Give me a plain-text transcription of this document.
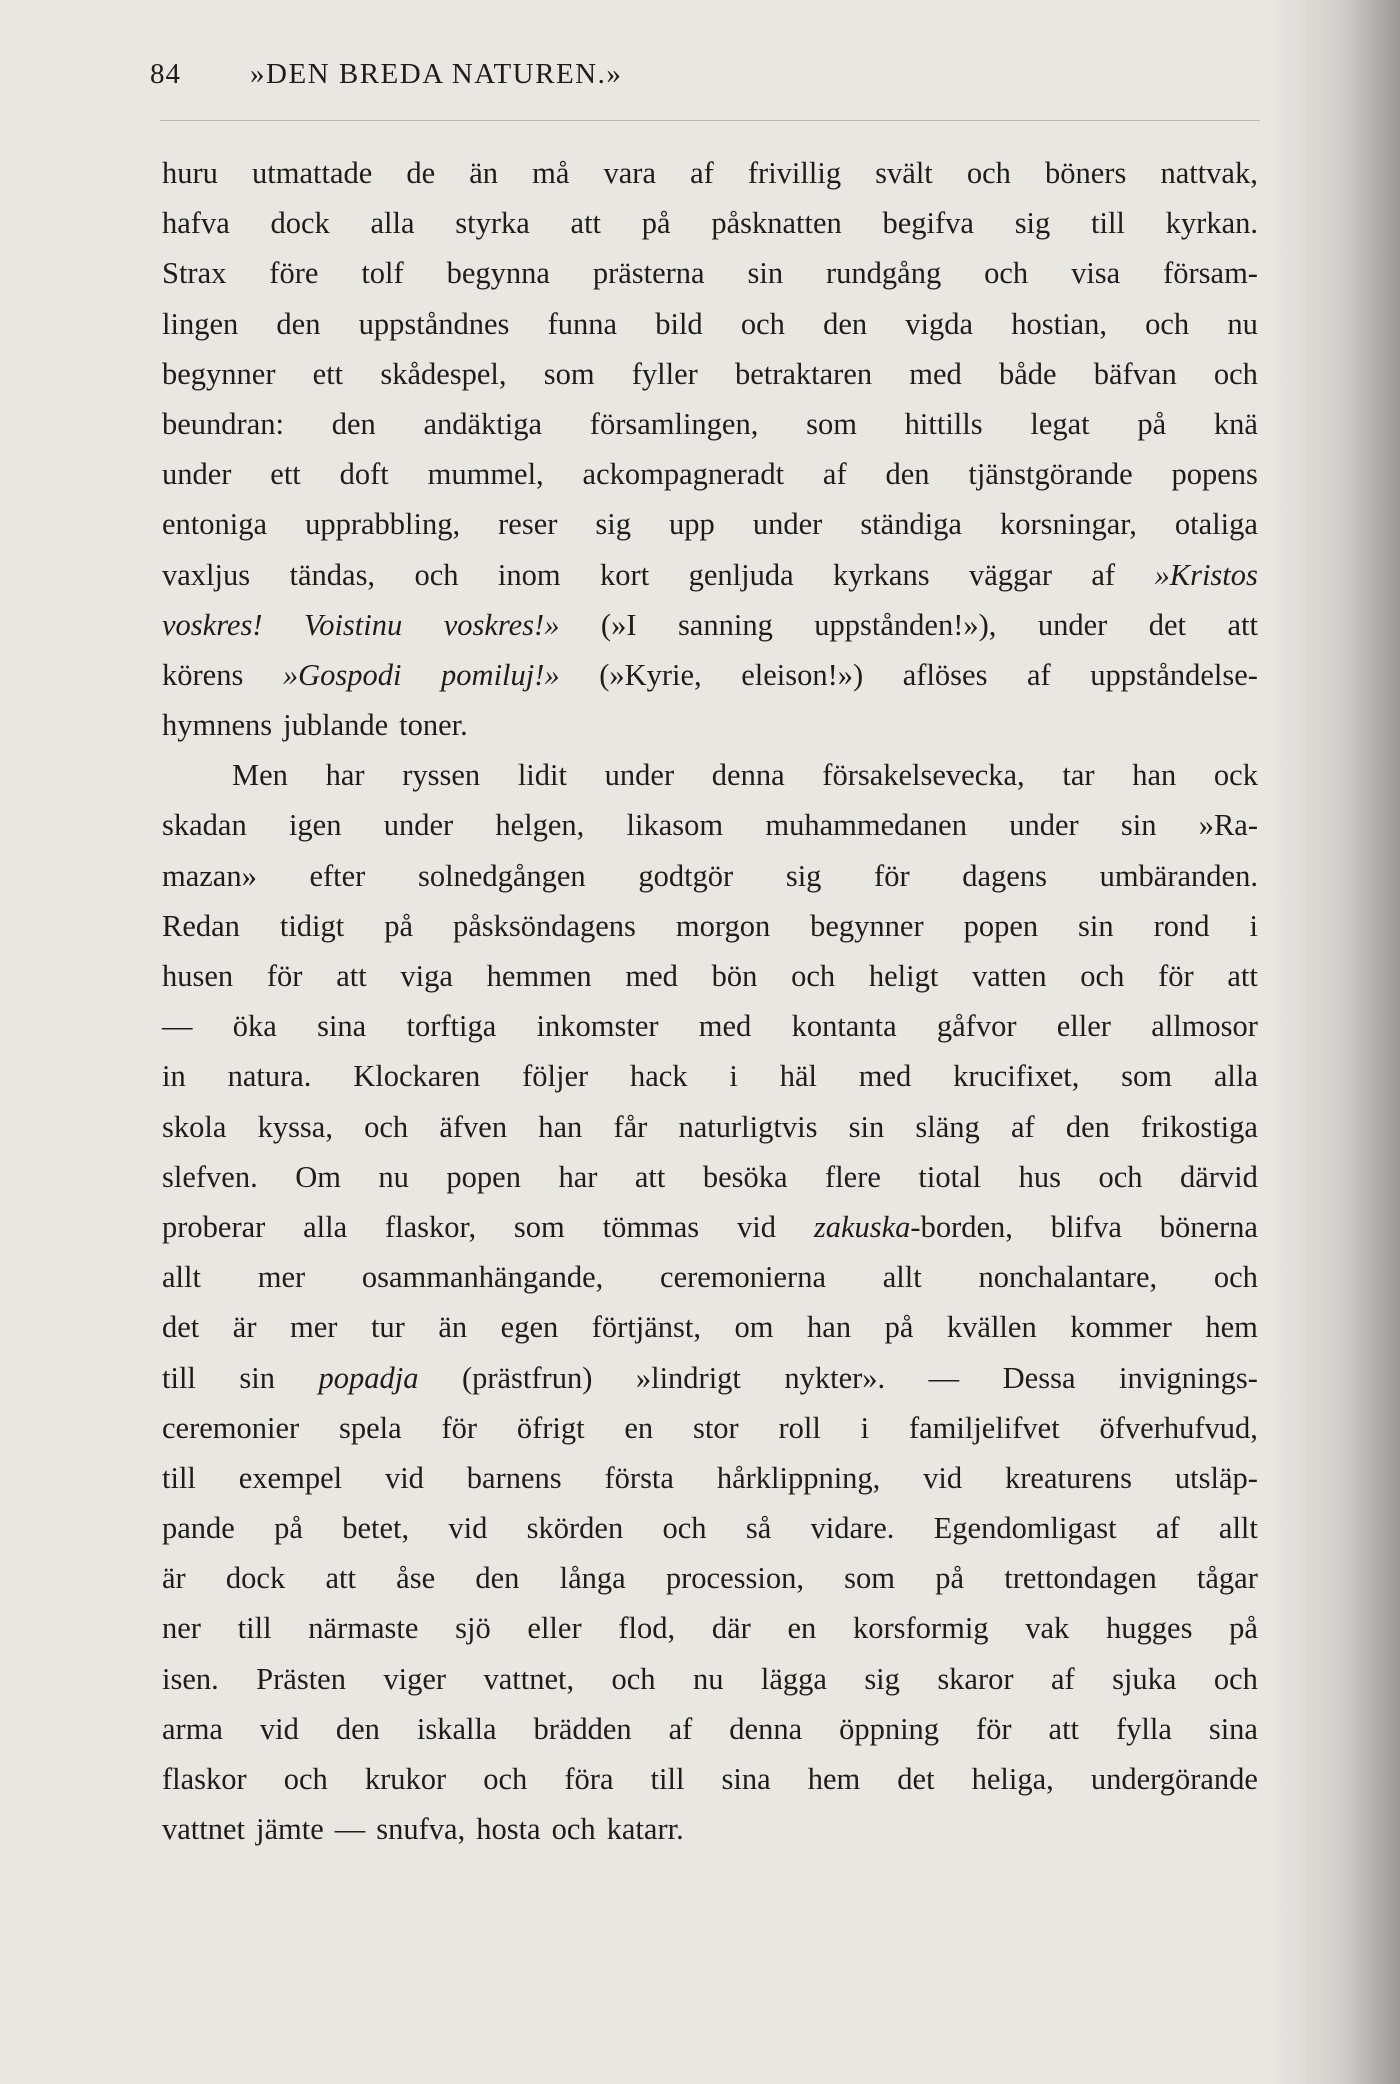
84 »DEN BREDA NATUREN.»
huru utmattade de än må vara af frivillig svält och böners nattvak,
hafva dock alla styrka att på påsknatten begifva sig till kyrkan.
Strax före tolf begynna prästerna sin rundgång och visa försam-
lingen den uppståndnes funna bild och den vigda hostian, och nu
begynner ett skådespel, som fyller betraktaren med både bäfvan och
beundran: den andäktiga församlingen, som hittills legat på knä
under ett doft mummel, ackompagneradt af den tjänstgörande popens
entoniga upprabbling, reser sig upp under ständiga korsningar, otaliga
vaxljus tändas, och inom kort genljuda kyrkans väggar af »Kristos
voskres! Voistinu voskres!» (»I sanning uppstånden!»), under det att
körens »Gospodi pomiluj!» (»Kyrie, eleison!») aflöses af uppståndelse-
hymnens jublande toner.
Men har ryssen lidit under denna försakelsevecka, tar han ock
skadan igen under helgen, likasom muhammedanen under sin »Ra-
mazan» efter solnedgången godtgör sig för dagens umbäranden.
Redan tidigt på påsksöndagens morgon begynner popen sin rond i
husen för att viga hemmen med bön och heligt vatten och för att
— öka sina torftiga inkomster med kontanta gåfvor eller allmosor
in natura. Klockaren följer hack i häl med krucifixet, som alla
skola kyssa, och äfven han får naturligtvis sin släng af den frikostiga
slefven. Om nu popen har att besöka flere tiotal hus och därvid
proberar alla flaskor, som tömmas vid zakuska-borden, blifva bönerna
allt mer osammanhängande, ceremonierna allt nonchalantare, och
det är mer tur än egen förtjänst, om han på kvällen kommer hem
till sin popadja (prästfrun) »lindrigt nykter». — Dessa invignings-
ceremonier spela för öfrigt en stor roll i familjelifvet öfverhufvud,
till exempel vid barnens första hårklippning, vid kreaturens utsläp-
pande på betet, vid skörden och så vidare. Egendomligast af allt
är dock att åse den långa procession, som på trettondagen tågar
ner till närmaste sjö eller flod, där en korsformig vak hugges på
isen. Prästen viger vattnet, och nu lägga sig skaror af sjuka och
arma vid den iskalla brädden af denna öppning för att fylla sina
flaskor och krukor och föra till sina hem det heliga, undergörande
vattnet jämte — snufva, hosta och katarr.
